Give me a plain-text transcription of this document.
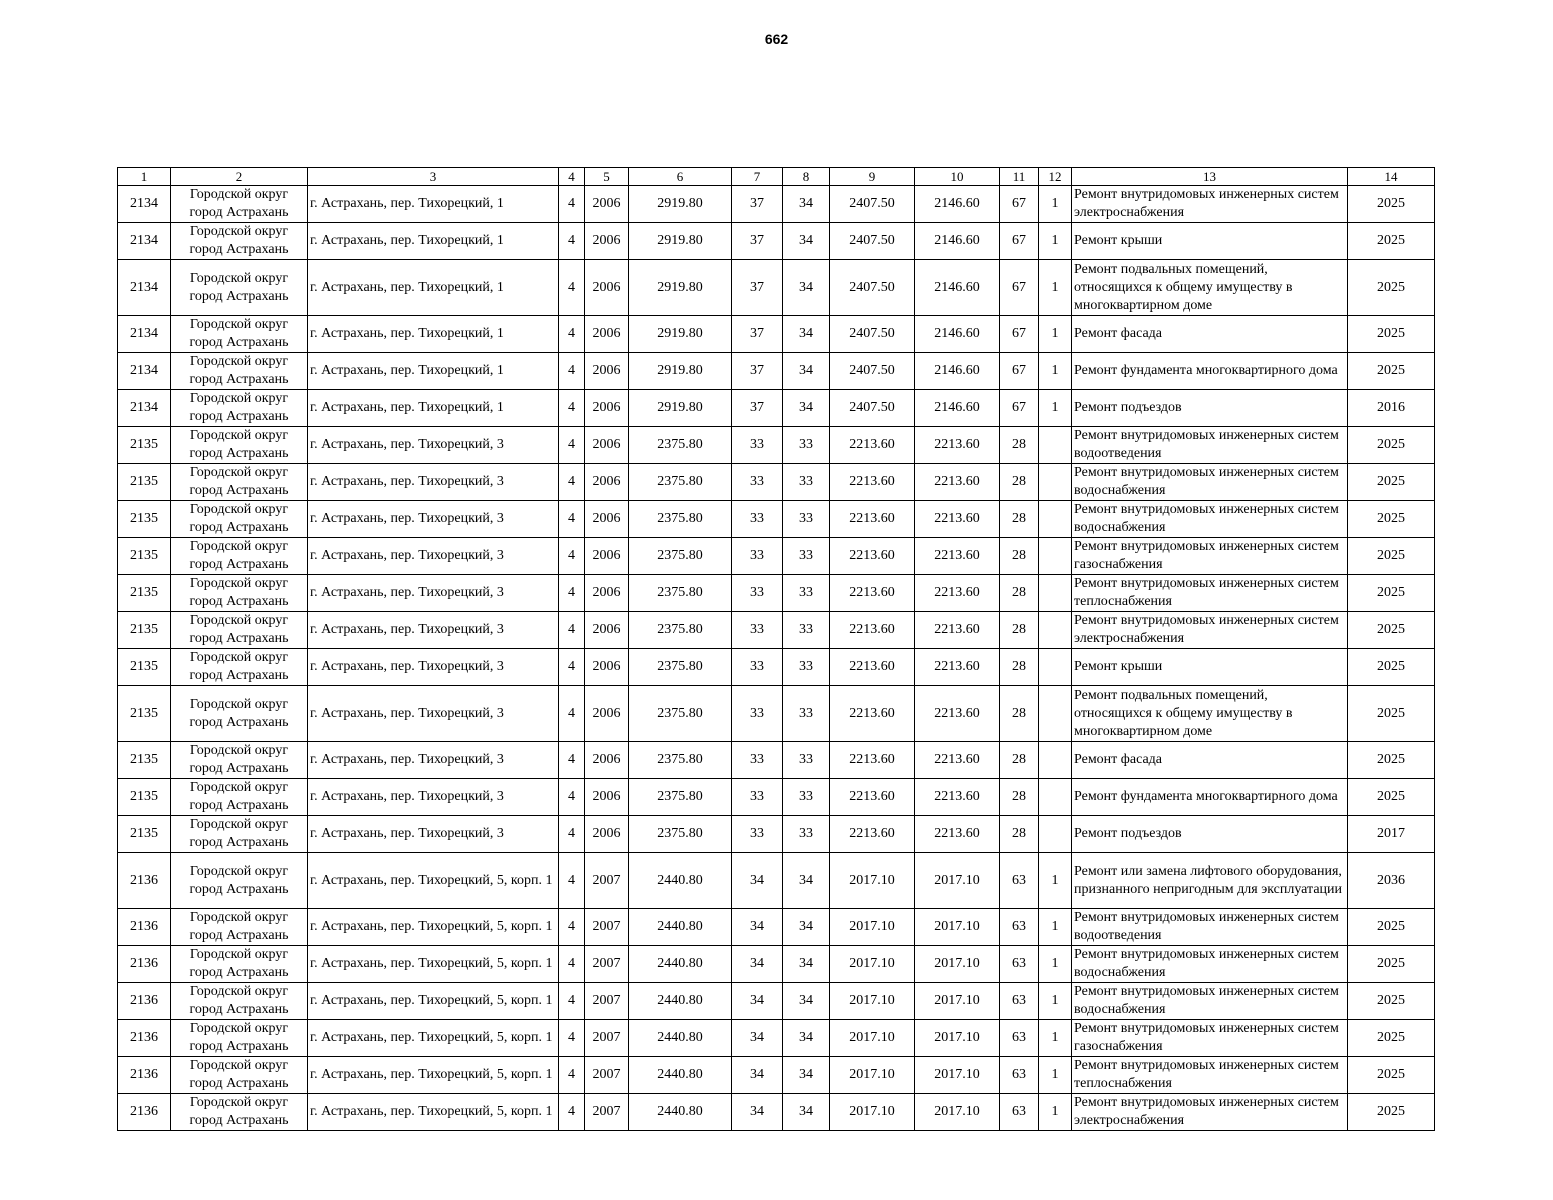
662
1	2	3	4	5	6	7	8	9	10	11	12	13	14
2134	Городской округ город Астрахань	г. Астрахань, пер. Тихорецкий, 1	4	2006	2919.80	37	34	2407.50	2146.60	67	1	Ремонт внутридомовых инженерных систем электроснабжения	2025
2134	Городской округ город Астрахань	г. Астрахань, пер. Тихорецкий, 1	4	2006	2919.80	37	34	2407.50	2146.60	67	1	Ремонт крыши	2025
2134	Городской округ город Астрахань	г. Астрахань, пер. Тихорецкий, 1	4	2006	2919.80	37	34	2407.50	2146.60	67	1	Ремонт подвальных помещений, относящихся к общему имуществу в многоквартирном доме	2025
2134	Городской округ город Астрахань	г. Астрахань, пер. Тихорецкий, 1	4	2006	2919.80	37	34	2407.50	2146.60	67	1	Ремонт фасада	2025
2134	Городской округ город Астрахань	г. Астрахань, пер. Тихорецкий, 1	4	2006	2919.80	37	34	2407.50	2146.60	67	1	Ремонт фундамента многоквартирного дома	2025
2134	Городской округ город Астрахань	г. Астрахань, пер. Тихорецкий, 1	4	2006	2919.80	37	34	2407.50	2146.60	67	1	Ремонт подъездов	2016
2135	Городской округ город Астрахань	г. Астрахань, пер. Тихорецкий, 3	4	2006	2375.80	33	33	2213.60	2213.60	28		Ремонт внутридомовых инженерных систем водоотведения	2025
2135	Городской округ город Астрахань	г. Астрахань, пер. Тихорецкий, 3	4	2006	2375.80	33	33	2213.60	2213.60	28		Ремонт внутридомовых инженерных систем водоснабжения	2025
2135	Городской округ город Астрахань	г. Астрахань, пер. Тихорецкий, 3	4	2006	2375.80	33	33	2213.60	2213.60	28		Ремонт внутридомовых инженерных систем водоснабжения	2025
2135	Городской округ город Астрахань	г. Астрахань, пер. Тихорецкий, 3	4	2006	2375.80	33	33	2213.60	2213.60	28		Ремонт внутридомовых инженерных систем газоснабжения	2025
2135	Городской округ город Астрахань	г. Астрахань, пер. Тихорецкий, 3	4	2006	2375.80	33	33	2213.60	2213.60	28		Ремонт внутридомовых инженерных систем теплоснабжения	2025
2135	Городской округ город Астрахань	г. Астрахань, пер. Тихорецкий, 3	4	2006	2375.80	33	33	2213.60	2213.60	28		Ремонт внутридомовых инженерных систем электроснабжения	2025
2135	Городской округ город Астрахань	г. Астрахань, пер. Тихорецкий, 3	4	2006	2375.80	33	33	2213.60	2213.60	28		Ремонт крыши	2025
2135	Городской округ город Астрахань	г. Астрахань, пер. Тихорецкий, 3	4	2006	2375.80	33	33	2213.60	2213.60	28		Ремонт подвальных помещений, относящихся к общему имуществу в многоквартирном доме	2025
2135	Городской округ город Астрахань	г. Астрахань, пер. Тихорецкий, 3	4	2006	2375.80	33	33	2213.60	2213.60	28		Ремонт фасада	2025
2135	Городской округ город Астрахань	г. Астрахань, пер. Тихорецкий, 3	4	2006	2375.80	33	33	2213.60	2213.60	28		Ремонт фундамента многоквартирного дома	2025
2135	Городской округ город Астрахань	г. Астрахань, пер. Тихорецкий, 3	4	2006	2375.80	33	33	2213.60	2213.60	28		Ремонт подъездов	2017
2136	Городской округ город Астрахань	г. Астрахань, пер. Тихорецкий, 5, корп. 1	4	2007	2440.80	34	34	2017.10	2017.10	63	1	Ремонт или замена лифтового оборудования, признанного непригодным для эксплуатации	2036
2136	Городской округ город Астрахань	г. Астрахань, пер. Тихорецкий, 5, корп. 1	4	2007	2440.80	34	34	2017.10	2017.10	63	1	Ремонт внутридомовых инженерных систем водоотведения	2025
2136	Городской округ город Астрахань	г. Астрахань, пер. Тихорецкий, 5, корп. 1	4	2007	2440.80	34	34	2017.10	2017.10	63	1	Ремонт внутридомовых инженерных систем водоснабжения	2025
2136	Городской округ город Астрахань	г. Астрахань, пер. Тихорецкий, 5, корп. 1	4	2007	2440.80	34	34	2017.10	2017.10	63	1	Ремонт внутридомовых инженерных систем водоснабжения	2025
2136	Городской округ город Астрахань	г. Астрахань, пер. Тихорецкий, 5, корп. 1	4	2007	2440.80	34	34	2017.10	2017.10	63	1	Ремонт внутридомовых инженерных систем газоснабжения	2025
2136	Городской округ город Астрахань	г. Астрахань, пер. Тихорецкий, 5, корп. 1	4	2007	2440.80	34	34	2017.10	2017.10	63	1	Ремонт внутридомовых инженерных систем теплоснабжения	2025
2136	Городской округ город Астрахань	г. Астрахань, пер. Тихорецкий, 5, корп. 1	4	2007	2440.80	34	34	2017.10	2017.10	63	1	Ремонт внутридомовых инженерных систем электроснабжения	2025
